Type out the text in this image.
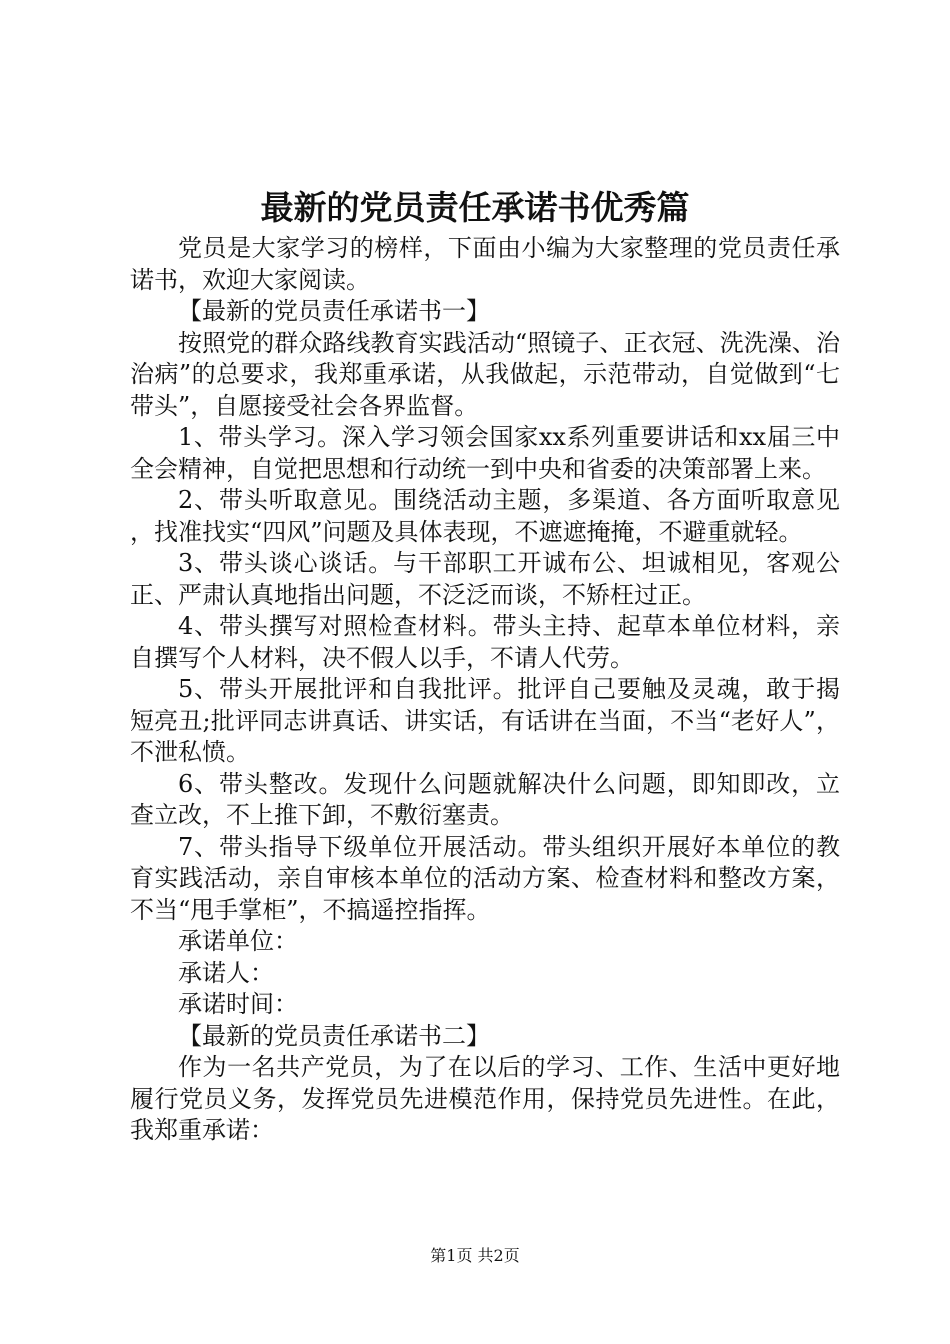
最新的党员责任承诺书优秀篇

党员是大家学习的榜样，下面由小编为大家整理的党员责任承诺书，欢迎大家阅读。

【最新的党员责任承诺书一】

按照党的群众路线教育实践活动“照镜子、正衣冠、洗洗澡、治治病”的总要求，我郑重承诺，从我做起，示范带动，自觉做到“七带头”，自愿接受社会各界监督。

1、带头学习。深入学习领会国家xx系列重要讲话和xx届三中全会精神，自觉把思想和行动统一到中央和省委的决策部署上来。

2、带头听取意见。围绕活动主题，多渠道、各方面听取意见，找准找实“四风”问题及具体表现，不遮遮掩掩，不避重就轻。

3、带头谈心谈话。与干部职工开诚布公、坦诚相见，客观公正、严肃认真地指出问题，不泛泛而谈，不矫枉过正。

4、带头撰写对照检查材料。带头主持、起草本单位材料，亲自撰写个人材料，决不假人以手，不请人代劳。

5、带头开展批评和自我批评。批评自己要触及灵魂，敢于揭短亮丑;批评同志讲真话、讲实话，有话讲在当面，不当“老好人”，不泄私愤。

6、带头整改。发现什么问题就解决什么问题，即知即改，立查立改，不上推下卸，不敷衍塞责。

7、带头指导下级单位开展活动。带头组织开展好本单位的教育实践活动，亲自审核本单位的活动方案、检查材料和整改方案，不当“甩手掌柜”，不搞遥控指挥。

承诺单位：

承诺人：

承诺时间：

【最新的党员责任承诺书二】

作为一名共产党员，为了在以后的学习、工作、生活中更好地履行党员义务，发挥党员先进模范作用，保持党员先进性。在此，我郑重承诺：

第1页 共2页
